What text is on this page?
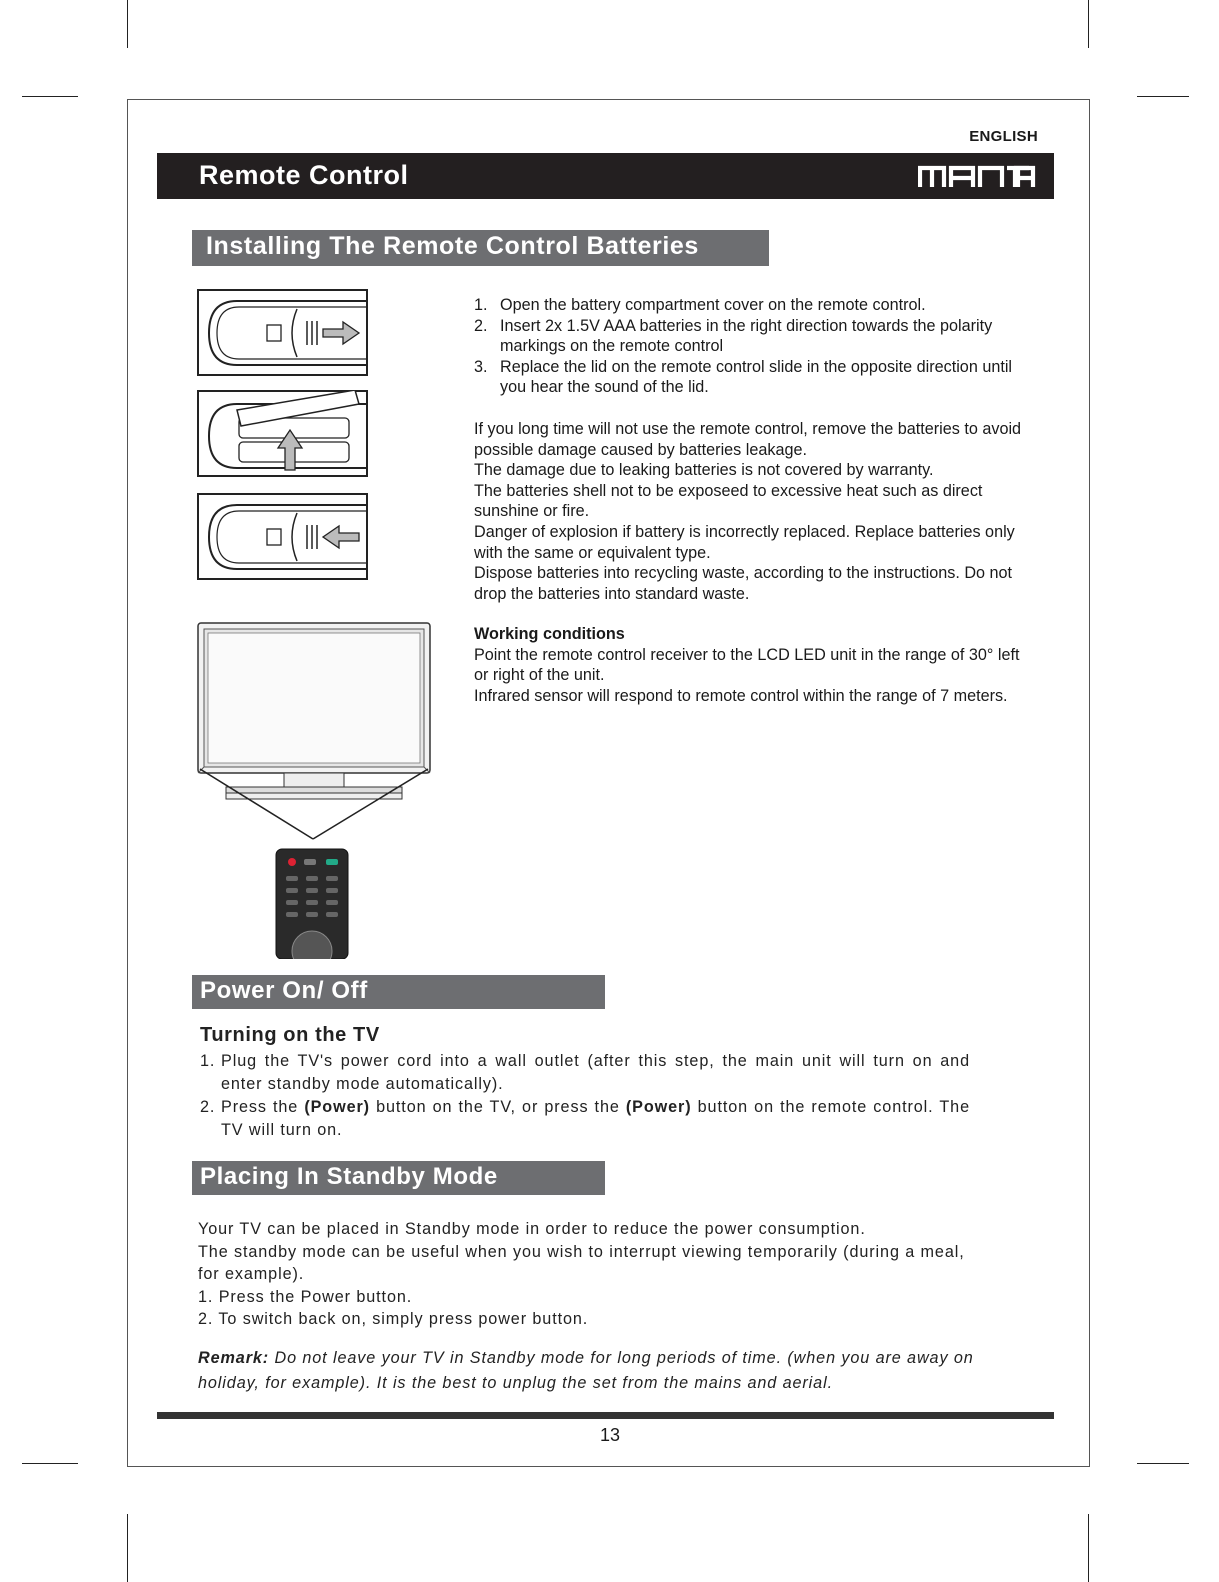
ENGLISH
Remote Control
Installing The Remote Control Batteries
1. Open the battery compartment cover on the remote control.
2. Insert 2x 1.5V AAA batteries in the right direction towards the polarity markings on the remote control
3. Replace the lid on the remote control slide in the opposite direction until you hear the sound of the lid.

If you long time will not use the remote control, remove the batteries to avoid possible damage caused by batteries leakage.

The damage due to leaking batteries is not covered by warranty.

The batteries shell not to be exposeed to excessive heat such as direct sunshine or fire.

Danger of explosion if battery is incorrectly replaced. Replace batteries only with the same or equivalent type.

Dispose batteries into recycling waste, according to the instructions. Do not drop the batteries into standard waste.

Working conditions

Point the remote control receiver to the LCD LED unit in the range of 30° left or right of the unit.

Infrared sensor will respond to remote control within the range of 7 meters.

Power On/ Off
Turning on the TV
1. Plug the TV's power cord into a wall outlet (after this step, the main unit will turn on and enter standby mode automatically).
2. Press the (Power) button on the TV, or press the (Power) button on the remote control. The TV will turn on.
Placing In Standby Mode

Your TV can be placed in Standby mode in order to reduce the power consumption.

The standby mode can be useful when you wish to interrupt viewing temporarily (during a meal, for example).

1. Press the Power button.

2. To switch back on, simply press power button.

Remark: Do not leave your TV in Standby mode for long periods of time. (when you are away on holiday, for example). It is the best to unplug the set from the mains and aerial.
13
